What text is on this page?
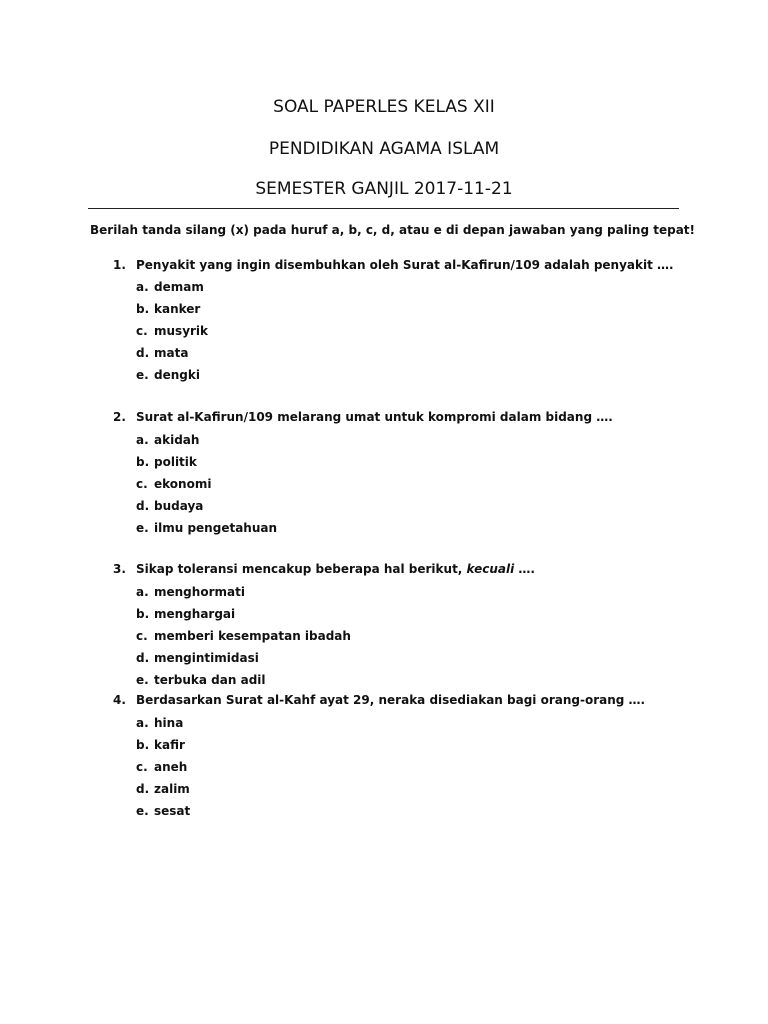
SOAL PAPERLES KELAS XII
PENDIDIKAN AGAMA ISLAM
SEMESTER GANJIL 2017-11-21
Berilah tanda silang (x) pada huruf a, b, c, d, atau e di depan jawaban yang paling tepat!
1. Penyakit yang ingin disembuhkan oleh Surat al-Kafirun/109 adalah penyakit ….
a. demam
b. kanker
c. musyrik
d. mata
e. dengki
2. Surat al-Kafirun/109 melarang umat untuk kompromi dalam bidang ….
a. akidah
b. politik
c. ekonomi
d. budaya
e. ilmu pengetahuan
3. Sikap toleransi mencakup beberapa hal berikut, kecuali ….
a. menghormati
b. menghargai
c. memberi kesempatan ibadah
d. mengintimidasi
e. terbuka dan adil
4. Berdasarkan Surat al-Kahf ayat 29, neraka disediakan bagi orang-orang ….
a. hina
b. kafir
c. aneh
d. zalim
e. sesat
